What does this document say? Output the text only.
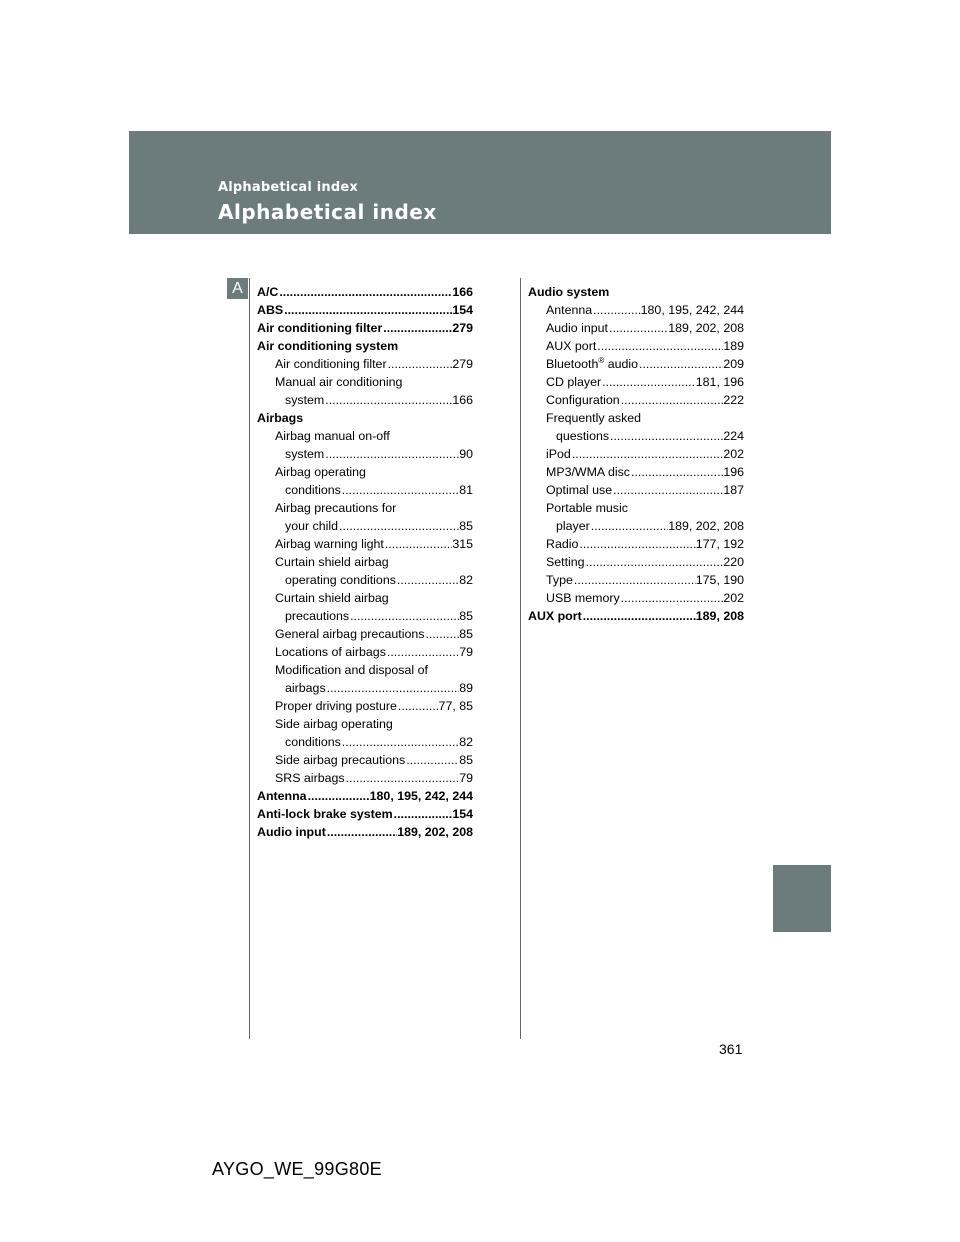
Alphabetical index
Alphabetical index
A	A/C .....	166
ABS .....	154
Air conditioning filter .....	279
Air conditioning system
Air conditioning filter .....	279
Manual air conditioning
system .....	166
Airbags
Airbag manual on-off
system .....	90
Airbag operating
conditions .....	81
Airbag precautions for
your child .....	85
Airbag warning light .....	315
Curtain shield airbag
operating conditions .....	82
Curtain shield airbag
precautions .....	85
General airbag precautions .....	85
Locations of airbags .....	79
Modification and disposal of
airbags .....	89
Proper driving posture .....	77, 85
Side airbag operating
conditions .....	82
Side airbag precautions .....	85
SRS airbags .....	79
Antenna .....	180, 195, 242, 244
Anti-lock brake system .....	154
Audio input .....	189, 202, 208
Audio system
Antenna .....	180, 195, 242, 244
Audio input .....	189, 202, 208
AUX port .....	189
Bluetooth® audio .....	209
CD player .....	181, 196
Configuration .....	222
Frequently asked
questions .....	224
iPod .....	202
MP3/WMA disc .....	196
Optimal use .....	187
Portable music
player .....	189, 202, 208
Radio .....	177, 192
Setting .....	220
Type .....	175, 190
USB memory .....	202
AUX port .....	189, 208
361
AYGO_WE_99G80E
